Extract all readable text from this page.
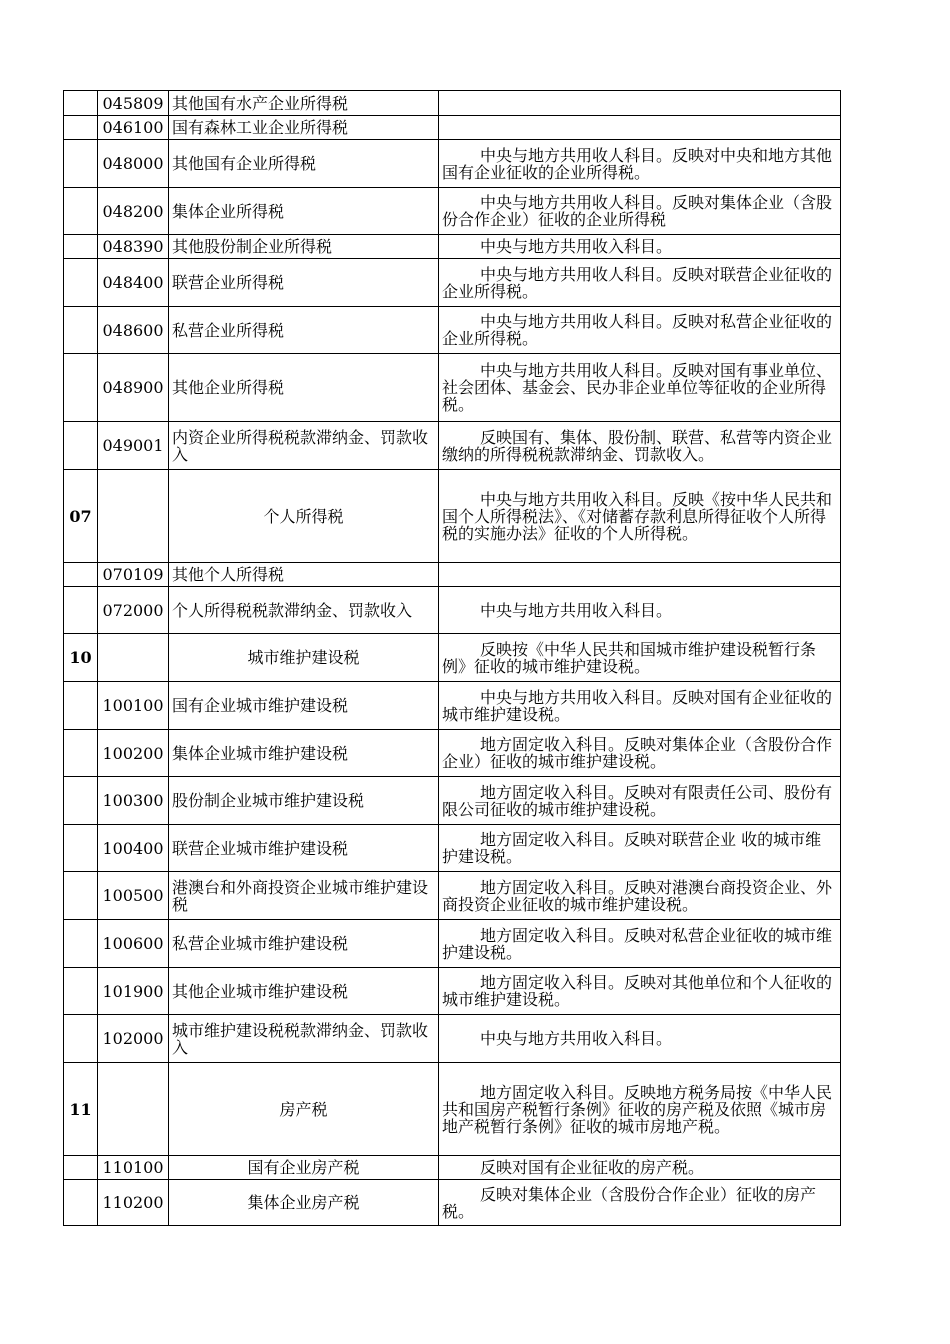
	045809	其他国有水产企业所得税	
	046100	国有森林工业企业所得税	
	048000	其他国有企业所得税	中央与地方共用收人科目。反映对中央和地方其他国有企业征收的企业所得税。
	048200	集体企业所得税	中央与地方共用收人科目。反映对集体企业（含股份合作企业）征收的企业所得税
	048390	其他股份制企业所得税	中央与地方共用收入科目。
	048400	联营企业所得税	中央与地方共用收人科目。反映对联营企业征收的企业所得税。
	048600	私营企业所得税	中央与地方共用收人科目。反映对私营企业征收的企业所得税。
	048900	其他企业所得税	中央与地方共用收人科目。反映对国有事业单位、社会团体、基金会、民办非企业单位等征收的企业所得税。
	049001	内资企业所得税税款滞纳金、罚款收入	反映国有、集体、股份制、联营、私营等内资企业缴纳的所得税税款滞纳金、罚款收入。
07		个人所得税	中央与地方共用收入科目。反映《按中华人民共和国个人所得税法》、《对储蓄存款利息所得征收个人所得税的实施办法》征收的个人所得税。
	070109	其他个人所得税	
	072000	个人所得税税款滞纳金、罚款收入	中央与地方共用收入科目。
10		城市维护建设税	反映按《中华人民共和国城市维护建设税暂行条例》征收的城市维护建设税。
	100100	国有企业城市维护建设税	中央与地方共用收入科目。反映对国有企业征收的城市维护建设税。
	100200	集体企业城市维护建设税	地方固定收入科目。反映对集体企业（含股份合作企业）征收的城市维护建设税。
	100300	股份制企业城市维护建设税	地方固定收入科目。反映对有限责任公司、股份有限公司征收的城市维护建设税。
	100400	联营企业城市维护建设税	地方固定收入科目。反映对联营企业 收的城市维护建设税。
	100500	港澳台和外商投资企业城市维护建设税	地方固定收入科目。反映对港澳台商投资企业、外商投资企业征收的城市维护建设税。
	100600	私营企业城市维护建设税	地方固定收入科目。反映对私营企业征收的城市维护建设税。
	101900	其他企业城市维护建设税	地方固定收入科目。反映对其他单位和个人征收的城市维护建设税。
	102000	城市维护建设税税款滞纳金、罚款收入	中央与地方共用收入科目。
11		房产税	地方固定收入科目。反映地方税务局按《中华人民共和国房产税暂行条例》征收的房产税及依照《城市房地产税暂行条例》征收的城市房地产税。
	110100	国有企业房产税	反映对国有企业征收的房产税。
	110200	集体企业房产税	反映对集体企业（含股份合作企业）征收的房产税。
